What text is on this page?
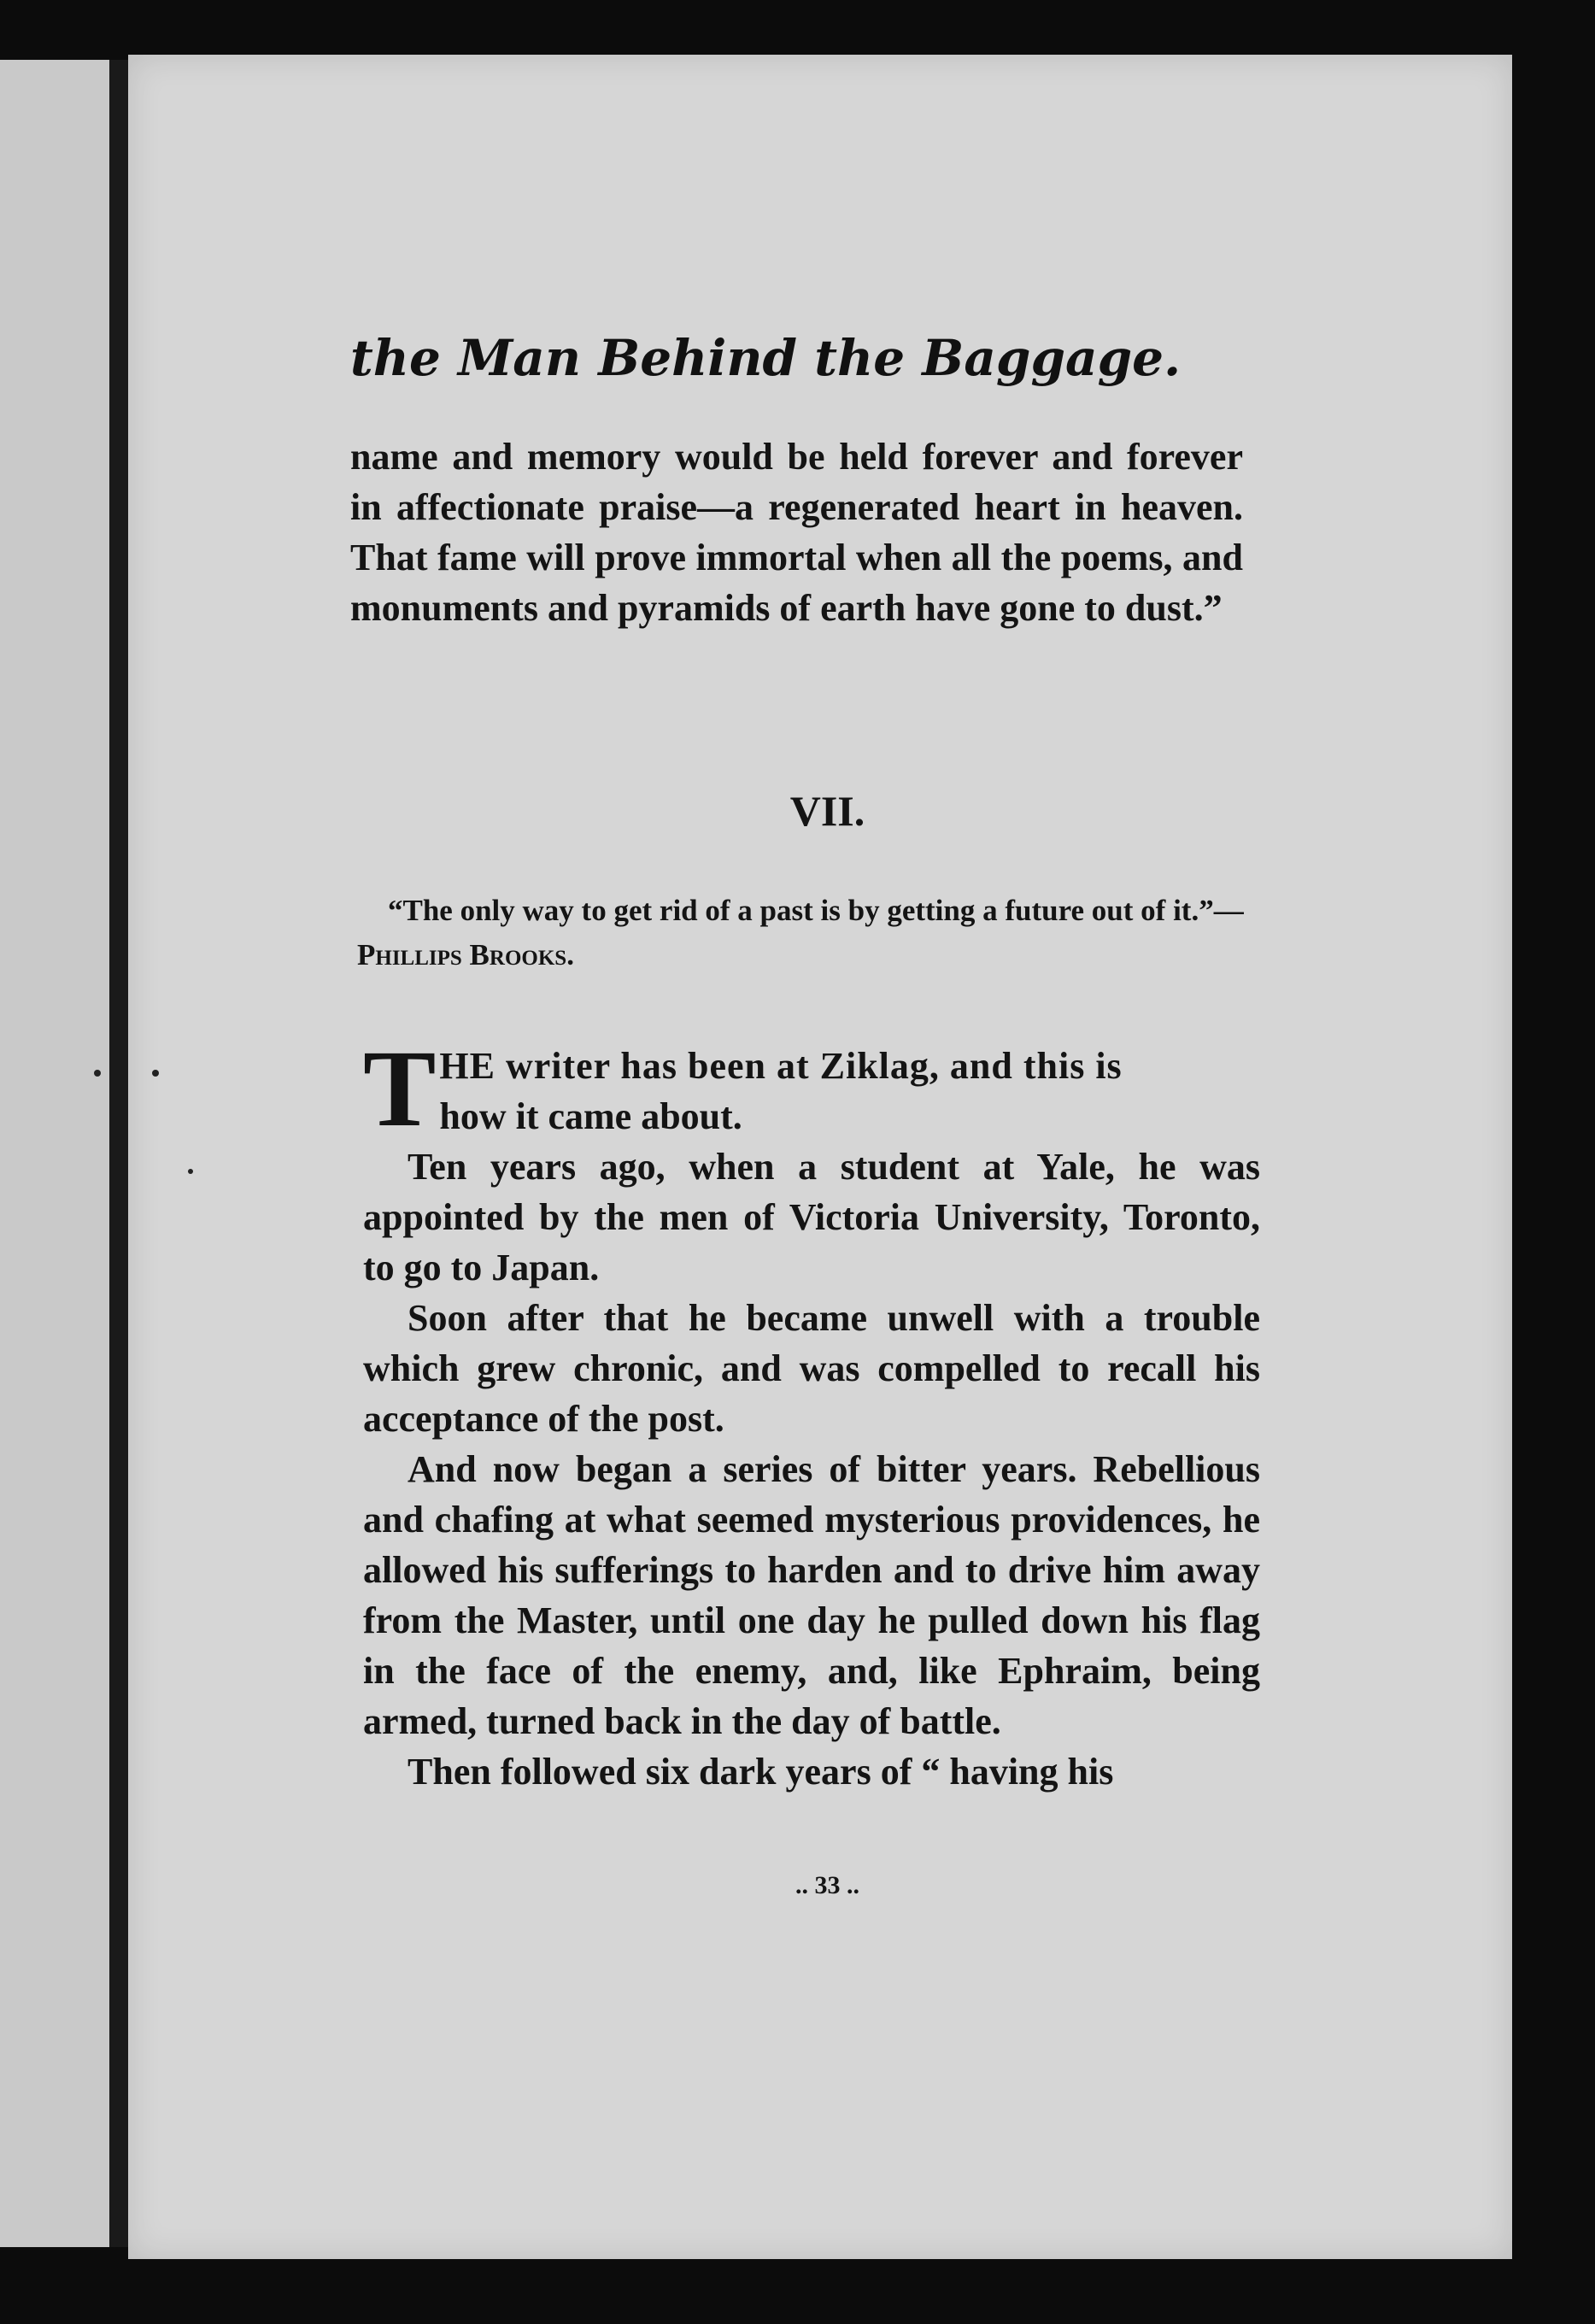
the Man Behind the Baggage.
name and memory would be held forever and forever in affectionate praise—a regenerated heart in heaven. That fame will prove immortal when all the poems, and monuments and pyramids of earth have gone to dust.”
VII.
“The only way to get rid of a past is by getting a future out of it.”—Phillips Brooks.

T HE writer has been at Ziklag, and this is
how it came about.

Ten years ago, when a student at Yale, he was appointed by the men of Victoria University, Toronto, to go to Japan.

Soon after that he became unwell with a trouble which grew chronic, and was compelled to recall his acceptance of the post.

And now began a series of bitter years. Rebellious and chafing at what seemed mysterious providences, he allowed his sufferings to harden and to drive him away from the Master, until one day he pulled down his flag in the face of the enemy, and, like Ephraim, being armed, turned back in the day of battle.

Then followed six dark years of “ having his

.. 33 ..
